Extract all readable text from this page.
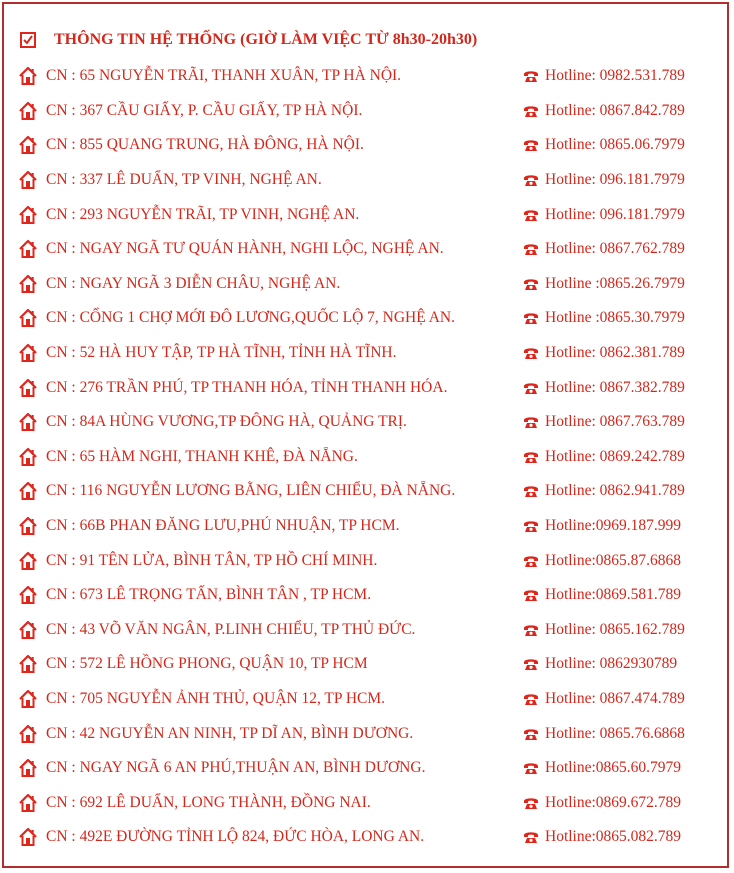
THÔNG TIN HỆ THỐNG (GIỜ LÀM VIỆC TỪ 8h30-20h30)
CN : 65 NGUYỄN TRÃI, THANH XUÂN, TP HÀ NỘI.	Hotline: 0982.531.789
CN : 367 CẦU GIẤY, P. CẦU GIẤY, TP HÀ NỘI.	Hotline: 0867.842.789
CN : 855 QUANG TRUNG, HÀ ĐÔNG, HÀ NỘI.	Hotline: 0865.06.7979
CN : 337 LÊ DUẨN, TP VINH, NGHỆ AN.	Hotline: 096.181.7979
CN : 293 NGUYỄN TRÃI, TP VINH, NGHỆ AN.	Hotline: 096.181.7979
CN : NGAY NGÃ TƯ QUÁN HÀNH, NGHI LỘC, NGHỆ AN.	Hotline: 0867.762.789
CN : NGAY NGÃ 3 DIỄN CHÂU, NGHỆ AN.	Hotline :0865.26.7979
CN : CỔNG 1 CHỢ MỚI ĐÔ LƯƠNG,QUỐC LỘ 7, NGHỆ AN.	Hotline :0865.30.7979
CN : 52 HÀ HUY TẬP, TP HÀ TĨNH, TỈNH HÀ TĨNH.	Hotline: 0862.381.789
CN : 276 TRẦN PHÚ, TP THANH HÓA, TỈNH THANH HÓA.	Hotline: 0867.382.789
CN : 84A HÙNG VƯƠNG,TP ĐÔNG HÀ, QUẢNG TRỊ.	Hotline: 0867.763.789
CN : 65 HÀM NGHI, THANH KHÊ, ĐÀ NẴNG.	Hotline: 0869.242.789
CN : 116 NGUYỄN LƯƠNG BẰNG, LIÊN CHIỂU, ĐÀ NẴNG.	Hotline: 0862.941.789
CN : 66B PHAN ĐĂNG LƯU,PHÚ NHUẬN, TP HCM.	Hotline:0969.187.999
CN : 91 TÊN LỬA, BÌNH TÂN, TP HỒ CHÍ MINH.	Hotline:0865.87.6868
CN : 673 LÊ TRỌNG TẤN, BÌNH TÂN , TP HCM.	Hotline:0869.581.789
CN : 43 VÕ VĂN NGÂN, P.LINH CHIỂU, TP THỦ ĐỨC.	Hotline: 0865.162.789
CN : 572 LÊ HỒNG PHONG, QUẬN 10, TP HCM	Hotline: 0862930789
CN : 705 NGUYỄN ẢNH THỦ, QUẬN 12, TP HCM.	Hotline: 0867.474.789
CN : 42 NGUYỄN AN NINH, TP DĨ AN, BÌNH DƯƠNG.	Hotline: 0865.76.6868
CN : NGAY NGÃ 6 AN PHÚ,THUẬN AN, BÌNH DƯƠNG.	Hotline:0865.60.7979
CN : 692 LÊ DUẨN, LONG THÀNH, ĐỒNG NAI.	Hotline:0869.672.789
CN : 492E ĐƯỜNG TỈNH LỘ 824, ĐỨC HÒA, LONG AN.	Hotline:0865.082.789
